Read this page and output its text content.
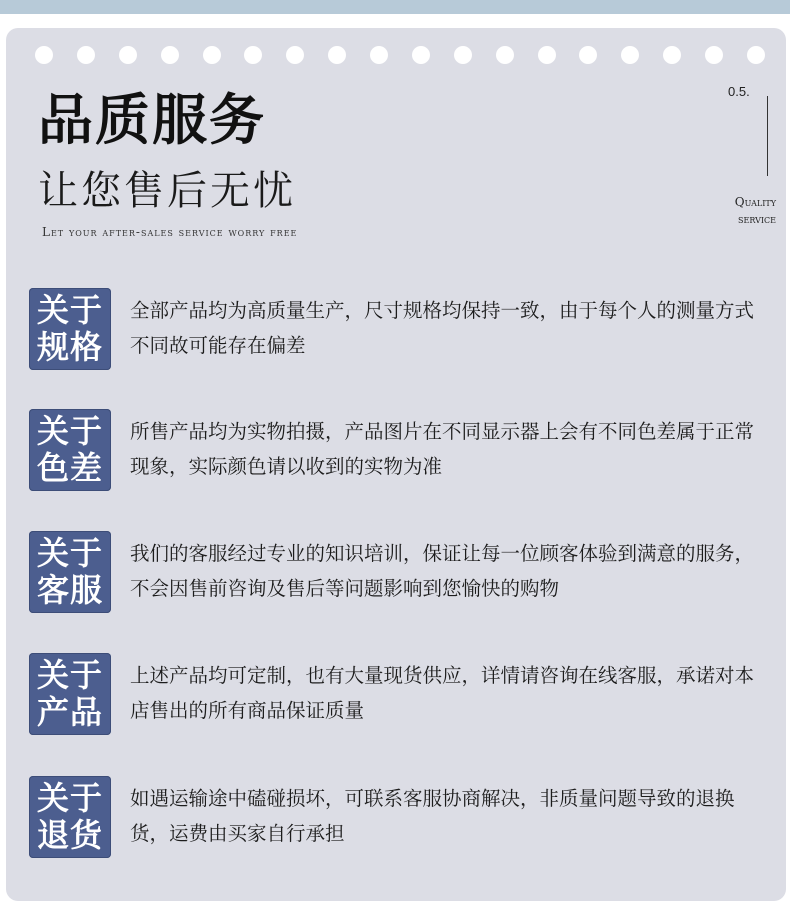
品质服务
让您售后无忧
Let your after-sales service worry free
0.5.
Quality
service
关于
规格
全部产品均为高质量生产，尺寸规格均保持一致，由于每个人的测量方式不同故可能存在偏差
关于
色差
所售产品均为实物拍摄，产品图片在不同显示器上会有不同色差属于正常现象，实际颜色请以收到的实物为准
关于
客服
我们的客服经过专业的知识培训，保证让每一位顾客体验到满意的服务，不会因售前咨询及售后等问题影响到您愉快的购物
关于
产品
上述产品均可定制，也有大量现货供应，详情请咨询在线客服，承诺对本店售出的所有商品保证质量
关于
退货
如遇运输途中磕碰损坏，可联系客服协商解决，非质量问题导致的退换货，运费由买家自行承担
